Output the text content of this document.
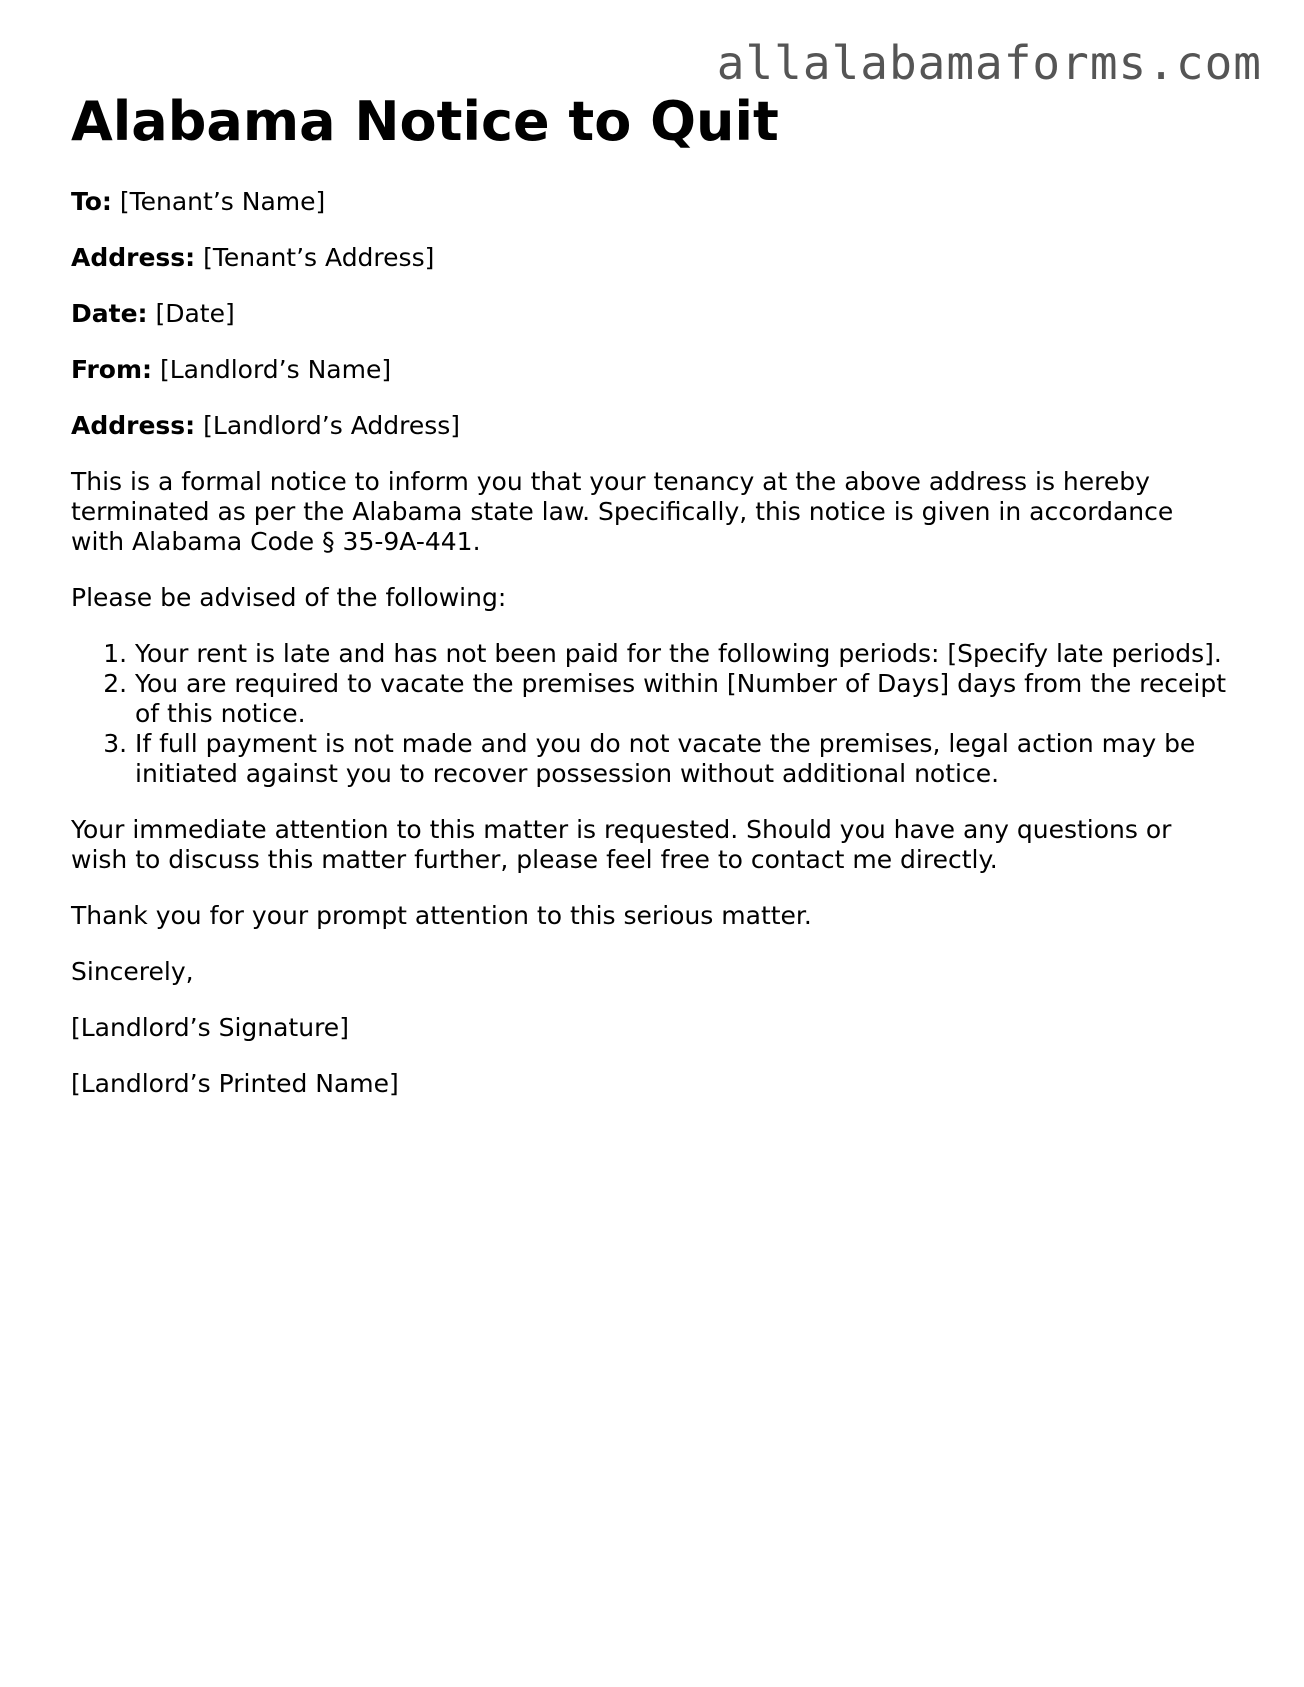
allalabamaforms.com
Alabama Notice to Quit
To: [Tenant’s Name]
Address: [Tenant’s Address]
Date: [Date]
From: [Landlord’s Name]
Address: [Landlord’s Address]

This is a formal notice to inform you that your tenancy at the above address is hereby terminated as per the Alabama state law. Specifically, this notice is given in accordance with Alabama Code § 35-9A-441.

Please be advised of the following:

1. Your rent is late and has not been paid for the following periods: [Specify late periods].
2. You are required to vacate the premises within [Number of Days] days from the receipt of this notice.
3. If full payment is not made and you do not vacate the premises, legal action may be initiated against you to recover possession without additional notice.

Your immediate attention to this matter is requested. Should you have any questions or wish to discuss this matter further, please feel free to contact me directly.

Thank you for your prompt attention to this serious matter.

Sincerely,

[Landlord’s Signature]

[Landlord’s Printed Name]
